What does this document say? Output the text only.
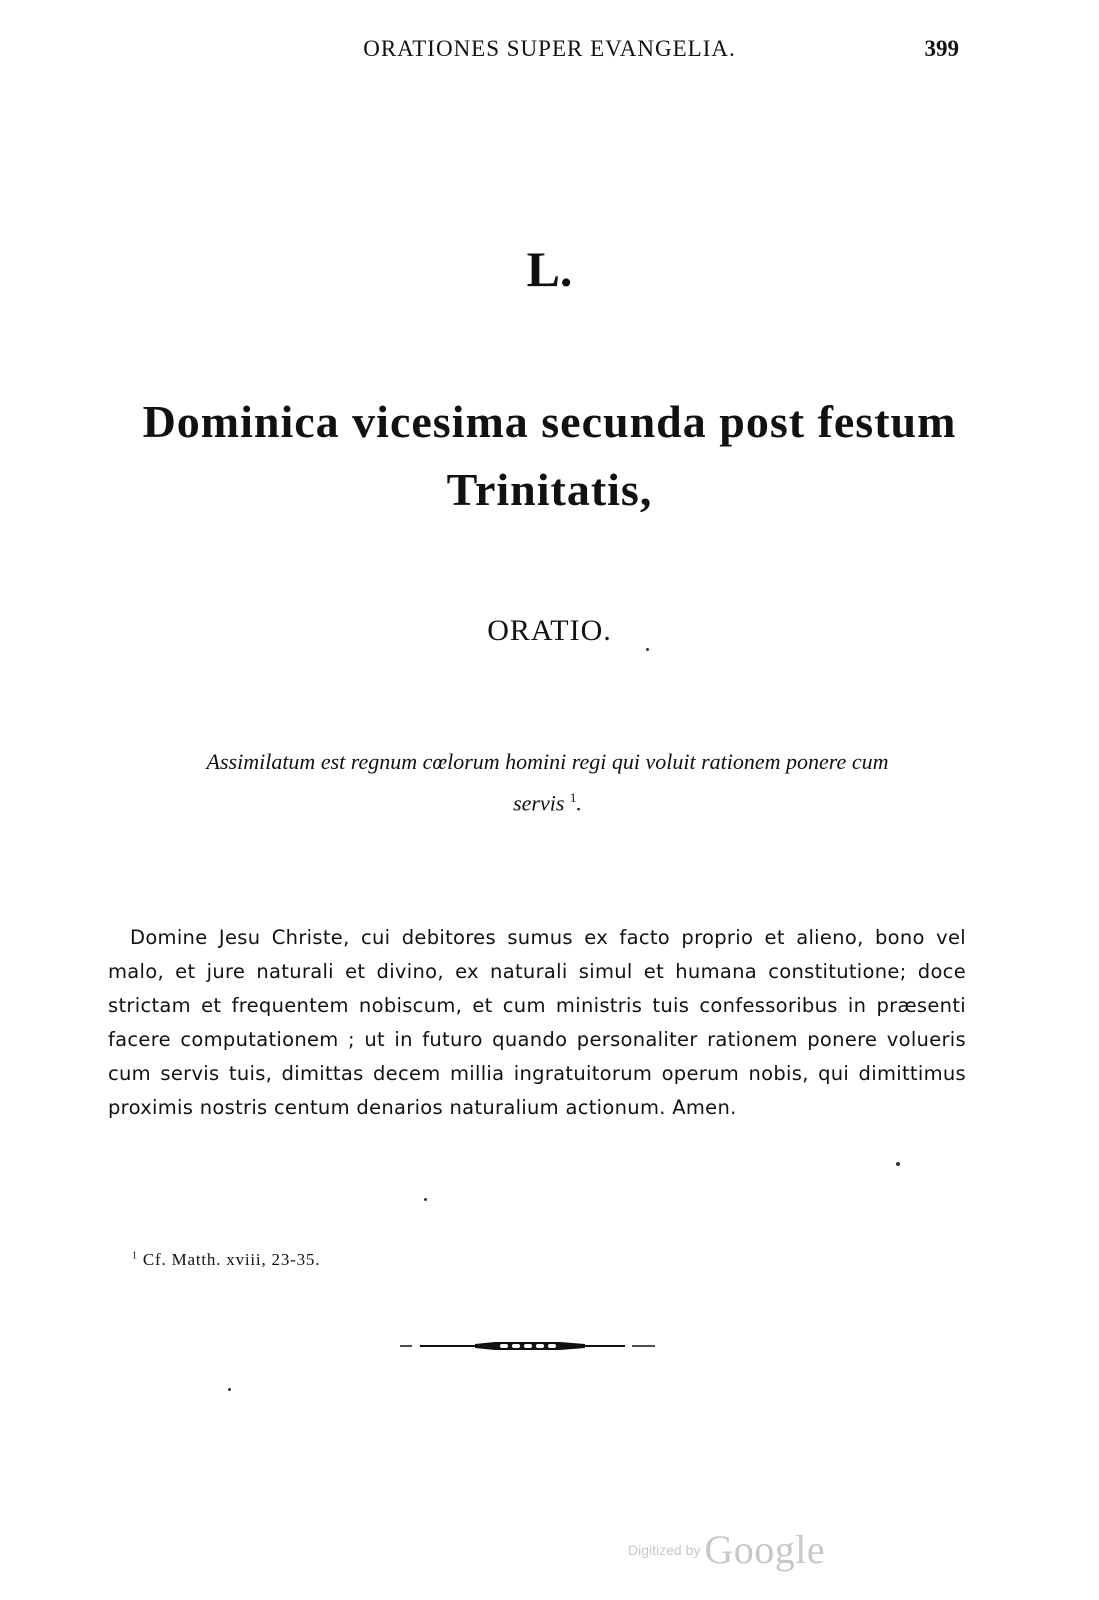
ORATIONES SUPER EVANGELIA.	399
L.
Dominica vicesima secunda post festum
Trinitatis,
ORATIO.
Assimilatum est regnum cœlorum homini regi qui voluit rationem ponere cum
servis $^1$.
Domine Jesu Christe, cui debitores sumus ex facto proprio et alieno, bono vel malo, et jure naturali et divino, ex naturali simul et humana constitutione; doce strictam et frequentem nobiscum, et cum ministris tuis confessoribus in præsenti facere computationem ; ut in futuro quando personaliter rationem ponere volueris cum servis tuis, dimittas decem millia ingratuitorum operum nobis, qui dimittimus proximis nostris centum denarios naturalium actionum. Amen.
$^1$ Cf. Matth. xviii, 23-35.
Digitized by Google
